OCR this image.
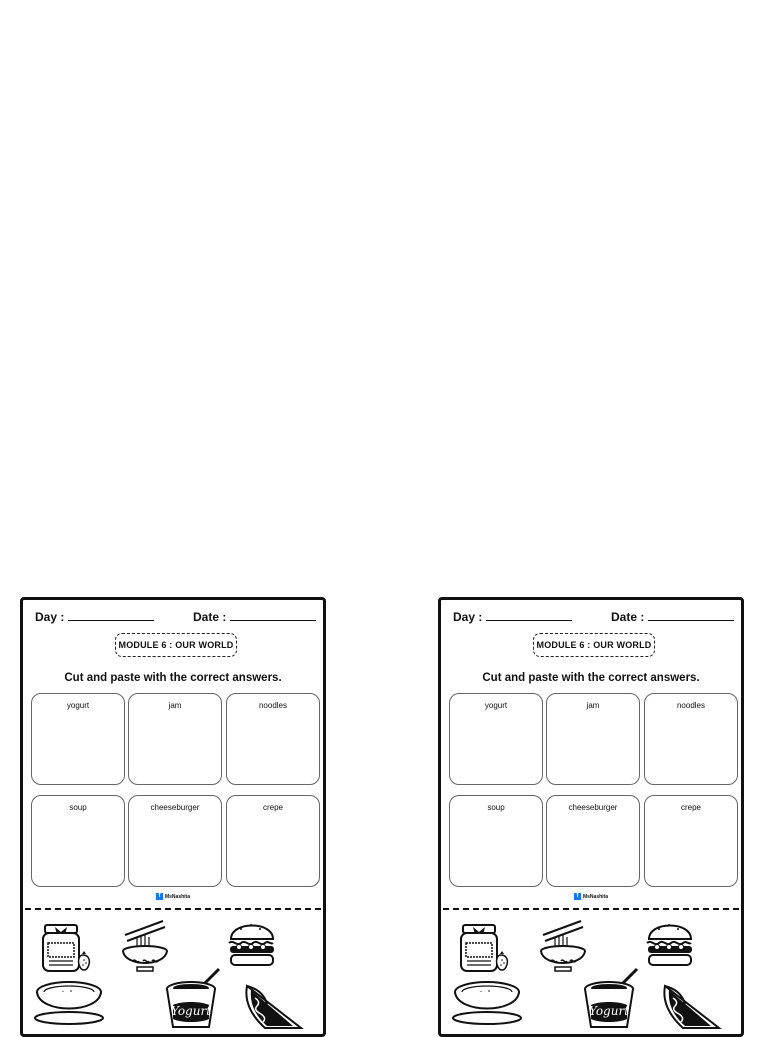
Day :	Date :
MODULE 6 : OUR WORLD
Cut and paste with the correct answers.
yogurt	jam	noodles
soup	cheeseburger	crepe
f MsNashita
Yogurt
Day :	Date :
MODULE 6 : OUR WORLD
Cut and paste with the correct answers.
yogurt	jam	noodles
soup	cheeseburger	crepe
f MsNashita
Yogurt
